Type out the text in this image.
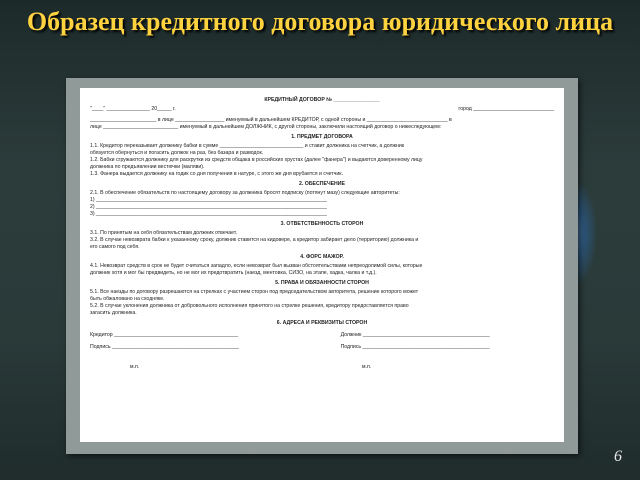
Образец кредитного договора юридического лица
КРЕДИТНЫЙ ДОГОВОР № ________________
"____" _______________ 20_____ г.	город ____________________________

_______________________ в лице _________________ именуемый в дальнейшем КРЕДИТОР, с одной стороны и ____________________________ в

лице __________________________ именуемый в дальнейшем ДОЛЖНИК, с другой стороны, заключили настоящий договор о нижеследующем:

1. ПРЕДМЕТ ДОГОВОРА

1.1. Кредитор переказывает должнику бабки в сумме _____________________________ и ставит должника на счетчик, а должник

обязуется обернуться и погасить должок на раз, без базара и разводок.

1.2. Бабки сгружаются должнику для раскрутки из средств общака в российских хрустах (далее "фанера") и выдаются доверенному лицу

должника по предъявлении вестючки (маляви).

1.3. Фанера выдается должнику на годик со дня получения в натуре, с этого же дня врубается и счетчик.

2. ОБЕСПЕЧЕНИЕ

2.1. В обеспечение обязательств по настоящему договору за должника бросят подписку (потянут мазу) следующие авторитеты:

1) ________________________________________________________________________________

2) ________________________________________________________________________________

3) ________________________________________________________________________________

3. ОТВЕТСТВЕННОСТЬ СТОРОН

3.1. По принятым на себя обязательствам должник отвечает.

3.2. В случае невозврата бабки к указанному сроку, должник ставится на кидовере, а кредитор забирает дело (территорию) должника и

его самого под себя.

4. ФОРС МАЖОР.

4.1. Невозврат средств в срок не будет считаться западло, если невозврат был вызван обстоятельствами непреодолимой силы, которые

должник хотя и мог бы предвидеть, но не мог их предотвратить (наезд, ментовка, СИЗО, на этапе, хадка, чалка и т.д.).

5. ПРАВА И ОБЯЗАННОСТИ СТОРОН

5.1. Все наезды по договору разрешаются на стрелках с участием сторон под председательством авторитета, решение которого может

быть обжаловано на сходняке.

5.2. В случае уклонения должника от добровольного исполнения принятого на стрелке решения, кредитору предоставляется право

загасить должника.

6. АДРЕСА И РЕКВИЗИТЫ СТОРОН
Кредитор ___________________________________________	Должник ____________________________________________
Подпись ____________________________________________	Подпись ____________________________________________
м.п.	м.п.
6
